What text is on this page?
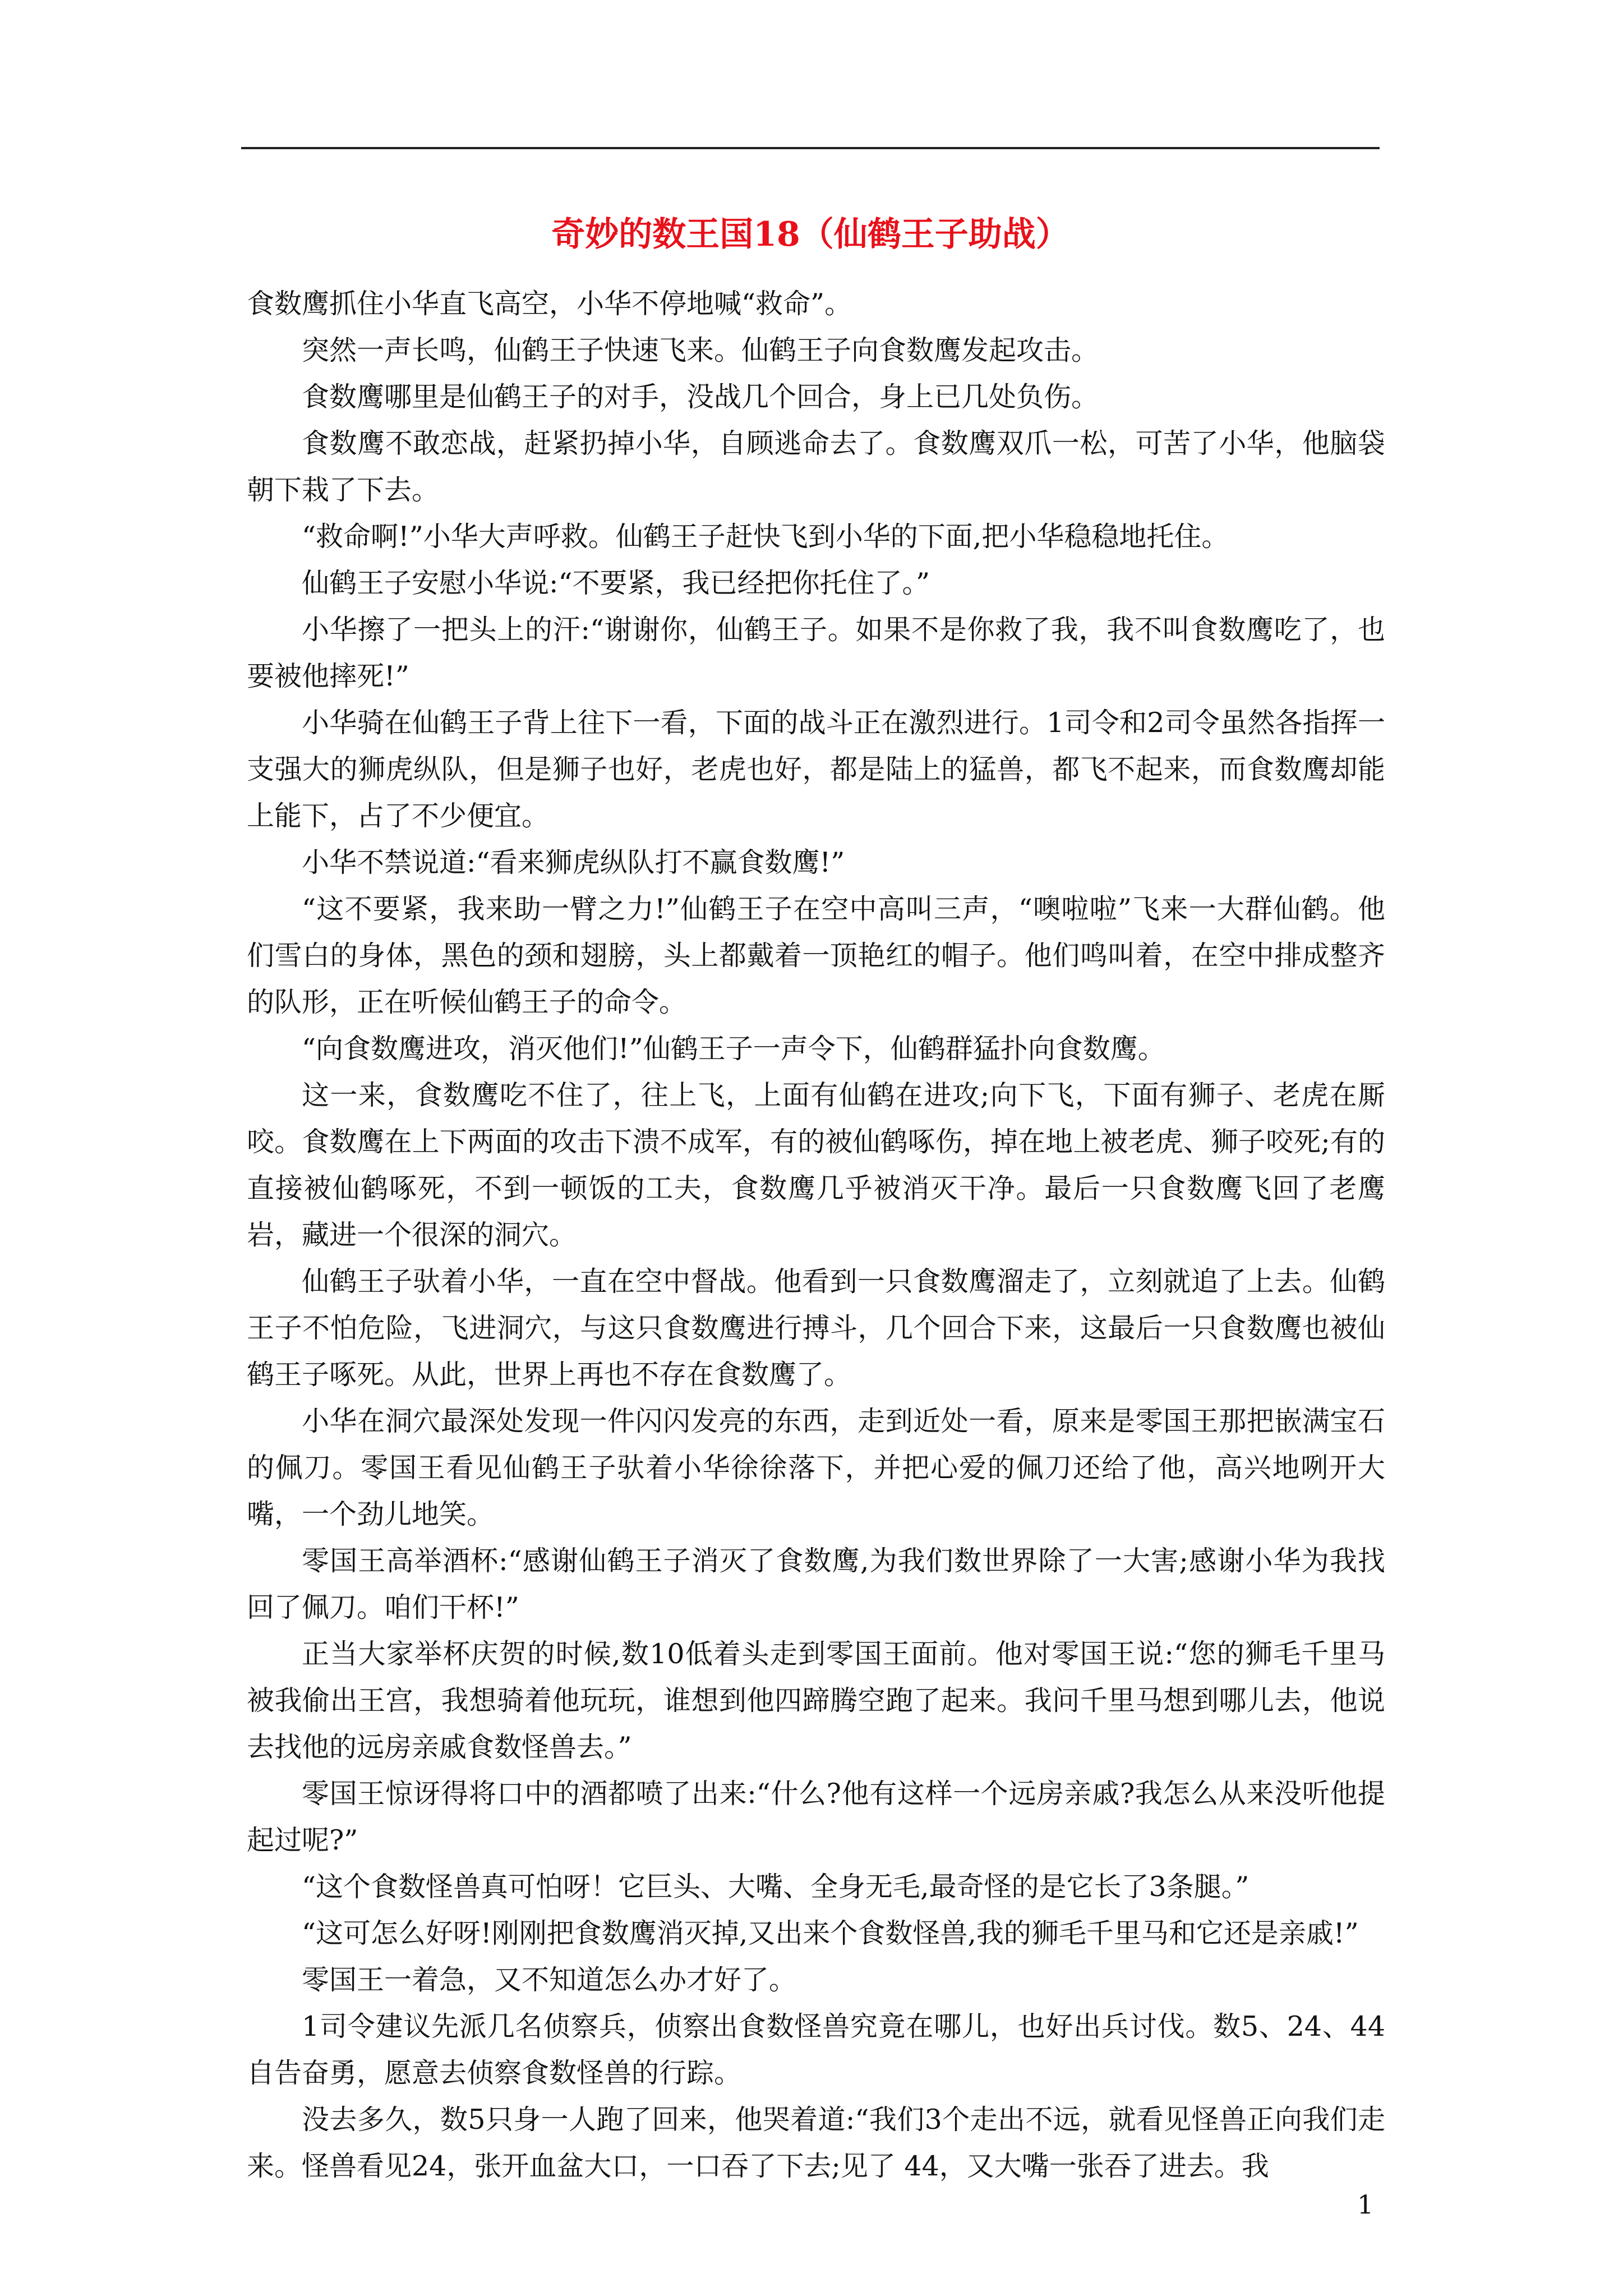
奇妙的数王国18（仙鹤王子助战）

食数鹰抓住小华直飞高空，小华不停地喊“救命”。

突然一声长鸣，仙鹤王子快速飞来。仙鹤王子向食数鹰发起攻击。

食数鹰哪里是仙鹤王子的对手，没战几个回合，身上已几处负伤。

食数鹰不敢恋战，赶紧扔掉小华，自顾逃命去了。食数鹰双爪一松，可苦了小华，他脑袋朝下栽了下去。

“救命啊!”小华大声呼救。仙鹤王子赶快飞到小华的下面,把小华稳稳地托住。

仙鹤王子安慰小华说:“不要紧，我已经把你托住了。”

小华擦了一把头上的汗:“谢谢你，仙鹤王子。如果不是你救了我，我不叫食数鹰吃了，也要被他摔死!”

小华骑在仙鹤王子背上往下一看，下面的战斗正在激烈进行。1司令和2司令虽然各指挥一支强大的狮虎纵队，但是狮子也好，老虎也好，都是陆上的猛兽，都飞不起来，而食数鹰却能上能下，占了不少便宜。

小华不禁说道:“看来狮虎纵队打不赢食数鹰!”

“这不要紧，我来助一臂之力!”仙鹤王子在空中高叫三声，“噢啦啦”飞来一大群仙鹤。他们雪白的身体，黑色的颈和翅膀，头上都戴着一顶艳红的帽子。他们鸣叫着，在空中排成整齐的队形，正在听候仙鹤王子的命令。

“向食数鹰进攻，消灭他们!”仙鹤王子一声令下，仙鹤群猛扑向食数鹰。

这一来，食数鹰吃不住了，往上飞，上面有仙鹤在进攻;向下飞，下面有狮子、老虎在厮咬。食数鹰在上下两面的攻击下溃不成军，有的被仙鹤啄伤，掉在地上被老虎、狮子咬死;有的直接被仙鹤啄死，不到一顿饭的工夫，食数鹰几乎被消灭干净。最后一只食数鹰飞回了老鹰岩，藏进一个很深的洞穴。

仙鹤王子驮着小华，一直在空中督战。他看到一只食数鹰溜走了，立刻就追了上去。仙鹤王子不怕危险，飞进洞穴，与这只食数鹰进行搏斗，几个回合下来，这最后一只食数鹰也被仙鹤王子啄死。从此，世界上再也不存在食数鹰了。

小华在洞穴最深处发现一件闪闪发亮的东西，走到近处一看，原来是零国王那把嵌满宝石的佩刀。零国王看见仙鹤王子驮着小华徐徐落下，并把心爱的佩刀还给了他，高兴地咧开大嘴，一个劲儿地笑。

零国王高举酒杯:“感谢仙鹤王子消灭了食数鹰,为我们数世界除了一大害;感谢小华为我找回了佩刀。咱们干杯!”

正当大家举杯庆贺的时候,数10低着头走到零国王面前。他对零国王说:“您的狮毛千里马被我偷出王宫，我想骑着他玩玩，谁想到他四蹄腾空跑了起来。我问千里马想到哪儿去，他说去找他的远房亲戚食数怪兽去。”

零国王惊讶得将口中的酒都喷了出来:“什么?他有这样一个远房亲戚?我怎么从来没听他提起过呢?”

“这个食数怪兽真可怕呀！它巨头、大嘴、全身无毛,最奇怪的是它长了3条腿。”

“这可怎么好呀!刚刚把食数鹰消灭掉,又出来个食数怪兽,我的狮毛千里马和它还是亲戚!”

零国王一着急，又不知道怎么办才好了。

1司令建议先派几名侦察兵，侦察出食数怪兽究竟在哪儿，也好出兵讨伐。数5、24、44自告奋勇，愿意去侦察食数怪兽的行踪。

没去多久，数5只身一人跑了回来，他哭着道:“我们3个走出不远，就看见怪兽正向我们走来。怪兽看见24，张开血盆大口，一口吞了下去;见了 44，又大嘴一张吞了进去。我

1
